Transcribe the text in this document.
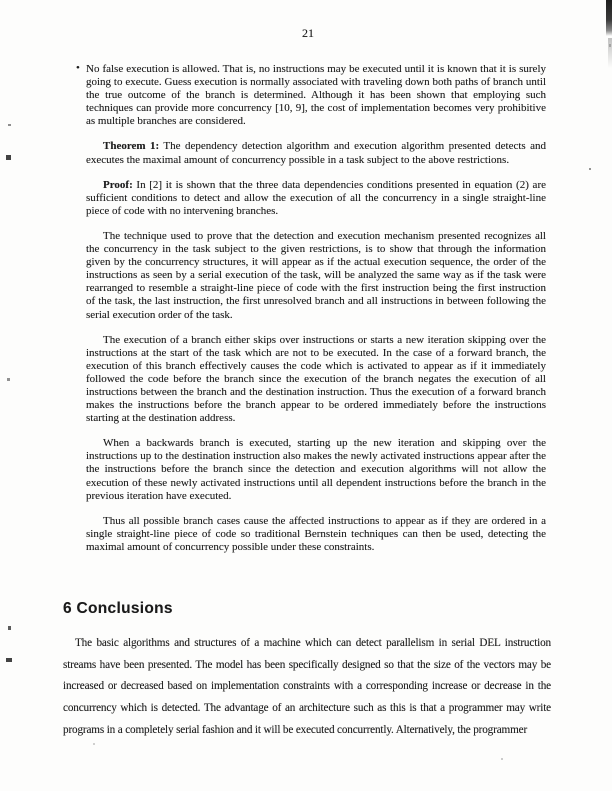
21
• No false execution is allowed. That is, no instructions may be executed until it is known that it is surely going to execute. Guess execution is normally associated with traveling down both paths of branch until the true outcome of the branch is determined. Although it has been shown that employing such techniques can provide more concurrency [10, 9], the cost of implementation becomes very prohibitive as multiple branches are considered.

Theorem 1: The dependency detection algorithm and execution algorithm presented detects and executes the maximal amount of concurrency possible in a task subject to the above restrictions.

Proof: In [2] it is shown that the three data dependencies conditions presented in equation (2) are sufficient conditions to detect and allow the execution of all the concurrency in a single straight-line piece of code with no intervening branches.

The technique used to prove that the detection and execution mechanism presented recognizes all the concurrency in the task subject to the given restrictions, is to show that through the information given by the concurrency structures, it will appear as if the actual execution sequence, the order of the instructions as seen by a serial execution of the task, will be analyzed the same way as if the task were rearranged to resemble a straight-line piece of code with the first instruction being the first instruction of the task, the last instruction, the first unresolved branch and all instructions in between following the serial execution order of the task.

The execution of a branch either skips over instructions or starts a new iteration skipping over the instructions at the start of the task which are not to be executed. In the case of a forward branch, the execution of this branch effectively causes the code which is activated to appear as if it immediately followed the code before the branch since the execution of the branch negates the execution of all instructions between the branch and the destination instruction. Thus the execution of a forward branch makes the instructions before the branch appear to be ordered immediately before the instructions starting at the destination address.

When a backwards branch is executed, starting up the new iteration and skipping over the instructions up to the destination instruction also makes the newly activated instructions appear after the the instructions before the branch since the detection and execution algorithms will not allow the execution of these newly activated instructions until all dependent instructions before the branch in the previous iteration have executed.

Thus all possible branch cases cause the affected instructions to appear as if they are ordered in a single straight-line piece of code so traditional Bernstein techniques can then be used, detecting the maximal amount of concurrency possible under these constraints.

6 Conclusions

The basic algorithms and structures of a machine which can detect parallelism in serial DEL instruction streams have been presented. The model has been specifically designed so that the size of the vectors may be increased or decreased based on implementation constraints with a corresponding increase or decrease in the concurrency which is detected. The advantage of an architecture such as this is that a programmer may write programs in a completely serial fashion and it will be executed concurrently. Alternatively, the programmer
